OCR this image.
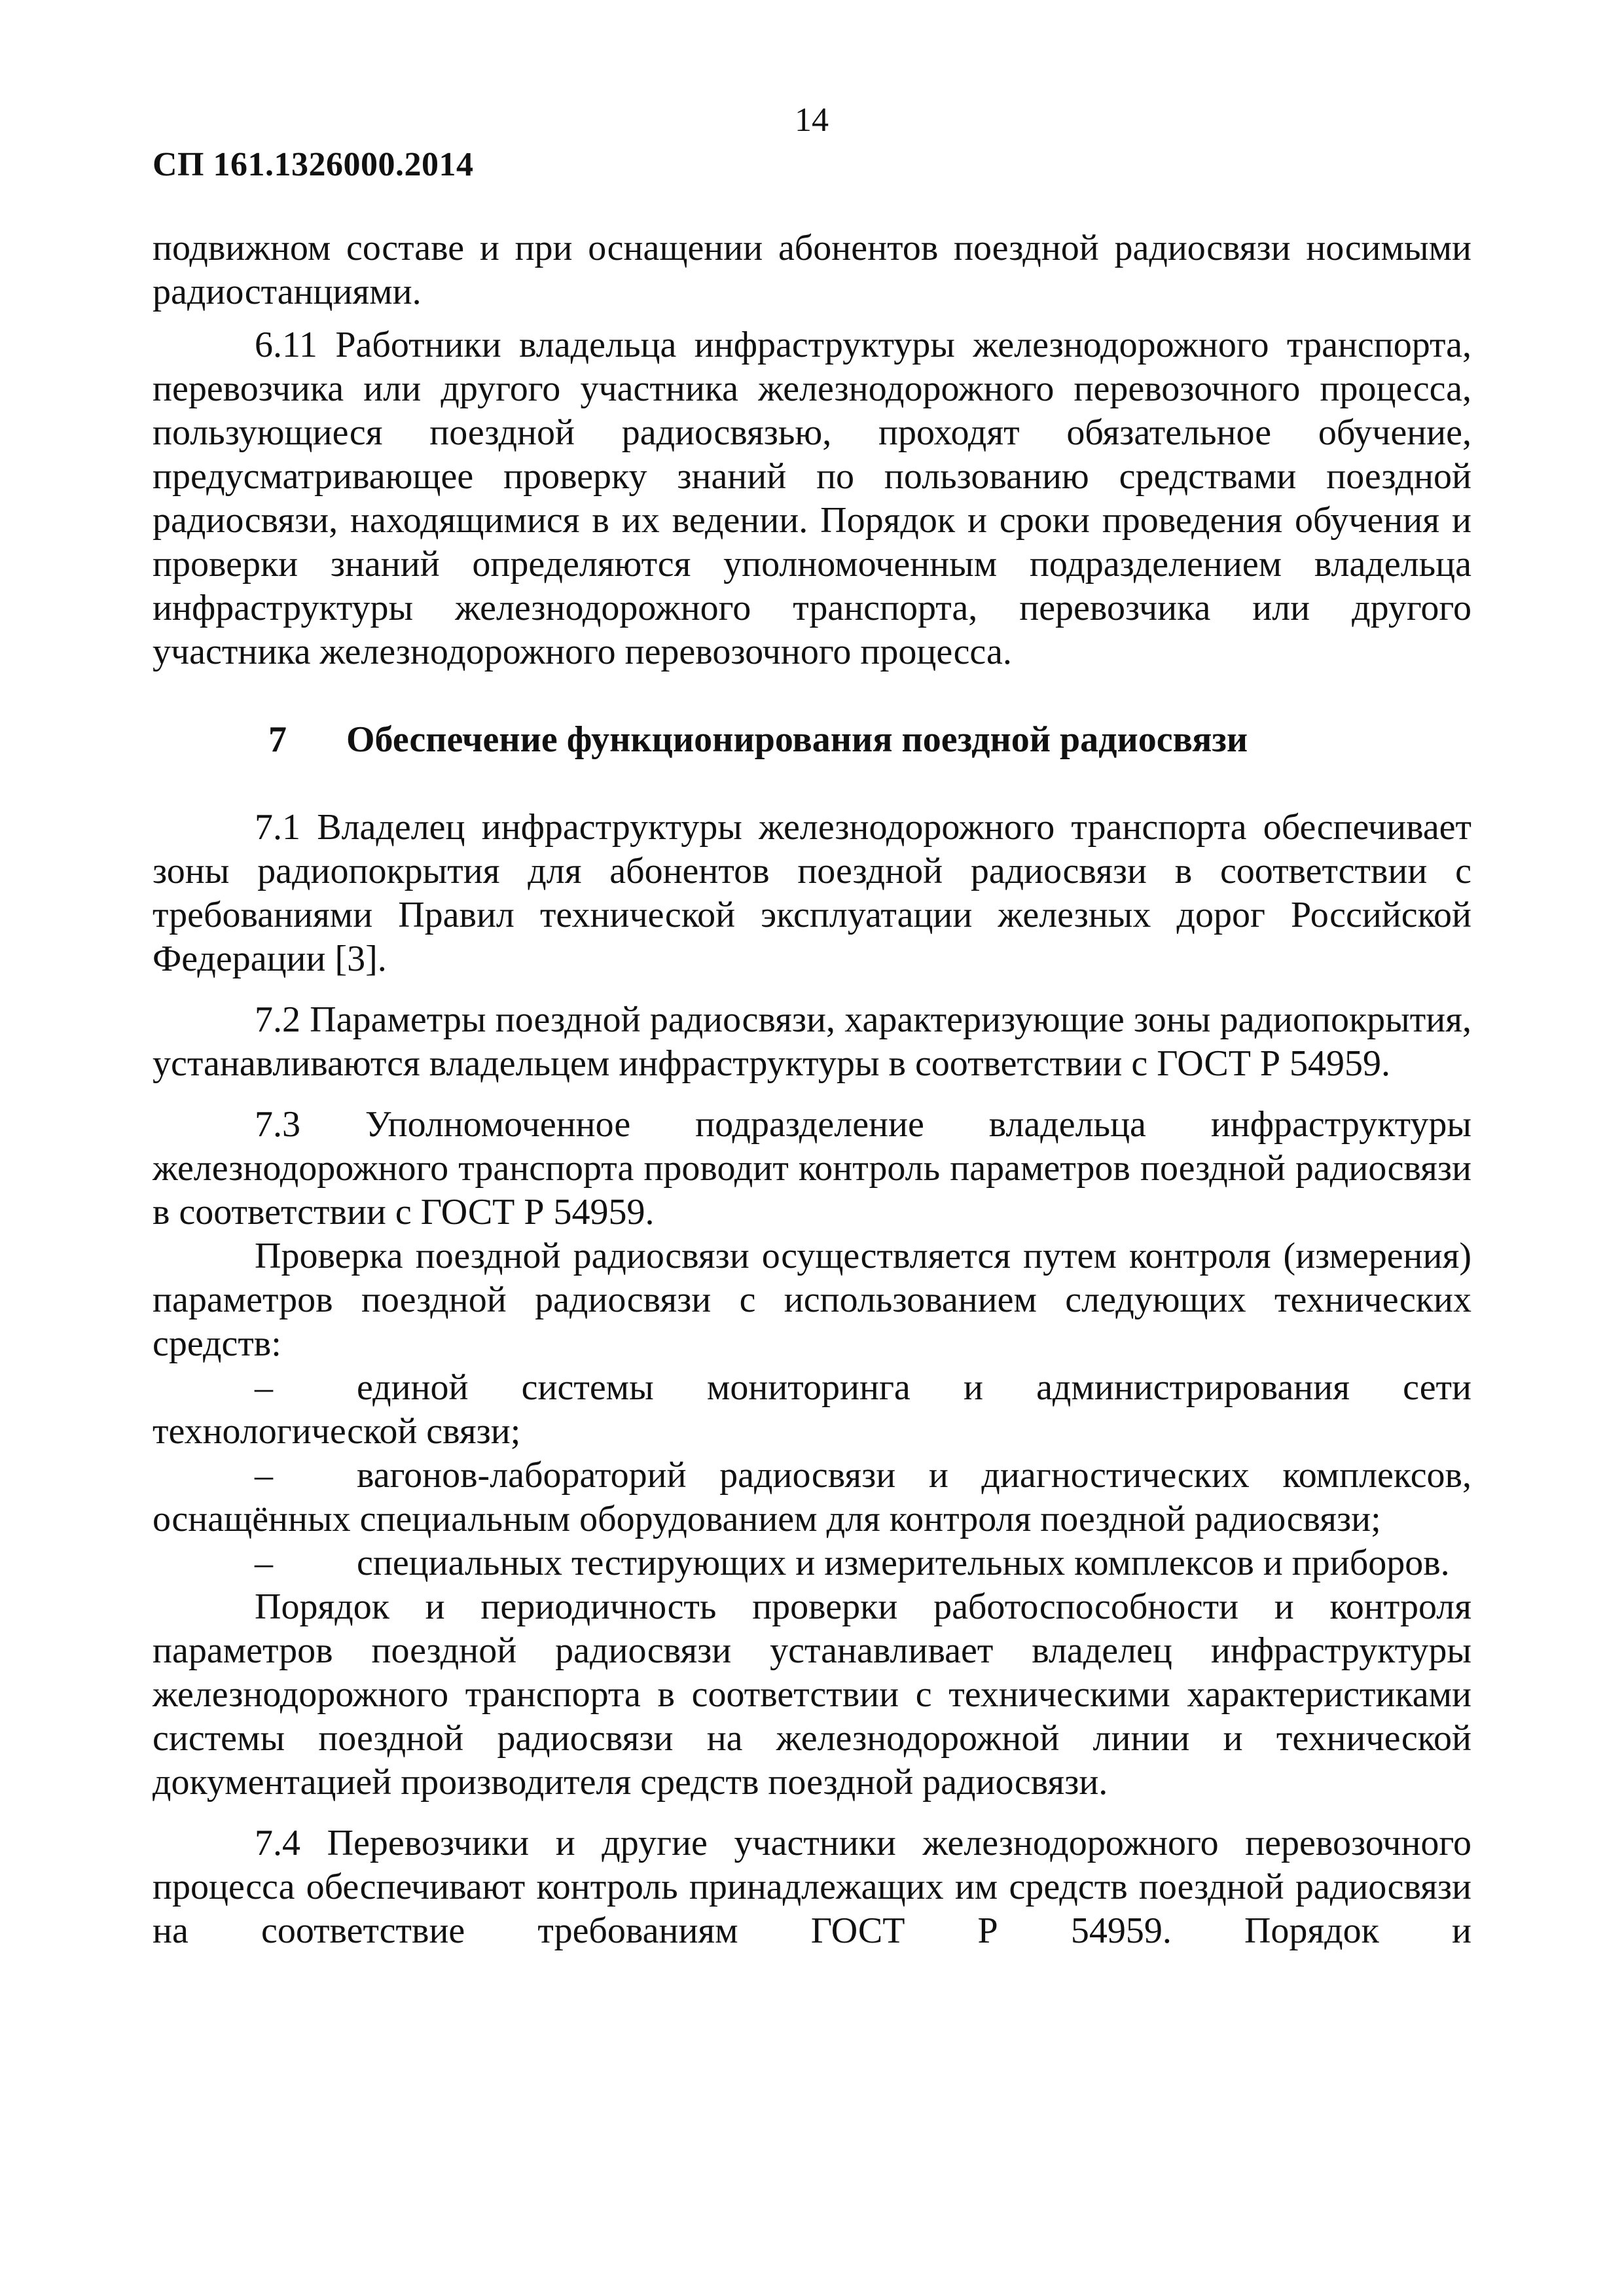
14
СП 161.1326000.2014

подвижном составе и при оснащении абонентов поездной радиосвязи носимыми радиостанциями.

6.11 Работники владельца инфраструктуры железнодорожного транспорта, перевозчика или другого участника железнодорожного перевозочного процесса, пользующиеся поездной радиосвязью, проходят обязательное обучение, предусматривающее проверку знаний по пользованию средствами поездной радиосвязи, находящимися в их ведении. Порядок и сроки проведения обучения и проверки знаний определяются уполномоченным подразделением владельца инфраструктуры железнодорожного транспорта, перевозчика или другого участника железнодорожного перевозочного процесса.

7	Обеспечение функционирования поездной радиосвязи

7.1 Владелец инфраструктуры железнодорожного транспорта обеспечивает зоны радиопокрытия для абонентов поездной радиосвязи в соответствии с требованиями Правил технической эксплуатации железных дорог Российской Федерации [3].

7.2 Параметры поездной радиосвязи, характеризующие зоны радиопокрытия, устанавливаются владельцем инфраструктуры в соответствии с ГОСТ Р 54959.

7.3 Уполномоченное подразделение владельца инфраструктуры железнодорожного транспорта проводит контроль параметров поездной радиосвязи в соответствии с ГОСТ Р 54959.

Проверка поездной радиосвязи осуществляется путем контроля (измерения) параметров поездной радиосвязи с использованием следующих технических средств:

– единой системы мониторинга и администрирования сети технологической связи;

– вагонов-лабораторий радиосвязи и диагностических комплексов, оснащённых специальным оборудованием для контроля поездной радиосвязи;

– специальных тестирующих и измерительных комплексов и приборов.

Порядок и периодичность проверки работоспособности и контроля параметров поездной радиосвязи устанавливает владелец инфраструктуры железнодорожного транспорта в соответствии с техническими характеристиками системы поездной радиосвязи на железнодорожной линии и технической документацией производителя средств поездной радиосвязи.

7.4 Перевозчики и другие участники железнодорожного перевозочного процесса обеспечивают контроль принадлежащих им средств поездной радиосвязи на соответствие требованиям ГОСТ Р 54959. Порядок и
